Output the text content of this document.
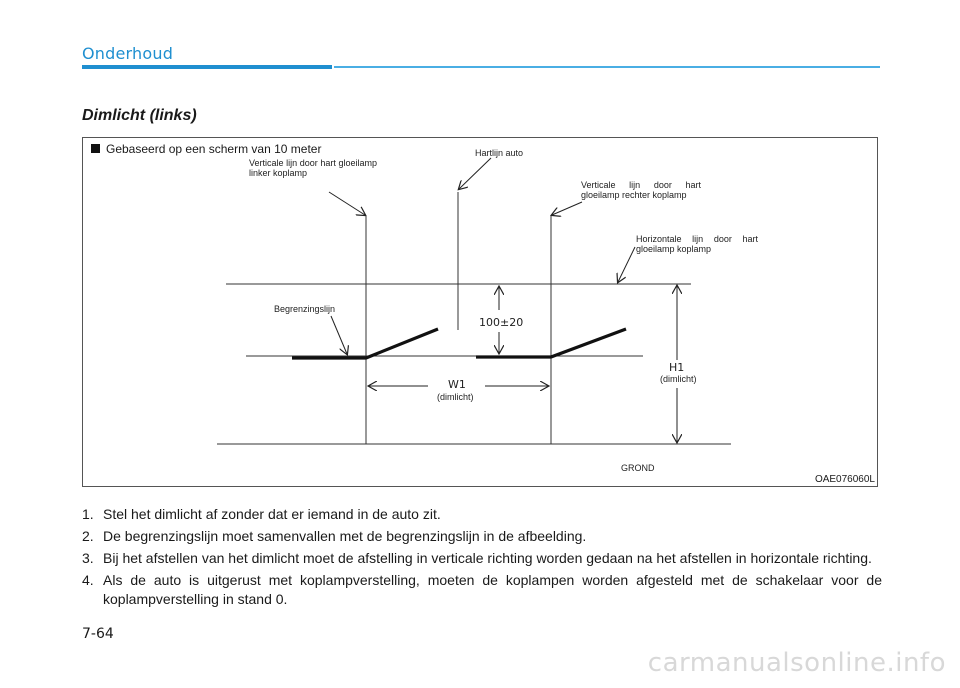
Onderhoud
Dimlicht (links)
Gebaseerd op een scherm van 10 meter
Verticale lijn door hart gloeilamp linker koplamp
Hartlijn auto
Verticale lijn door hart gloeilamp rechter koplamp
Horizontale lijn door hart gloeilamp koplamp
Begrenzingslijn
100±20
W1
(dimlicht)
H1
(dimlicht)
GROND
OAE076060L
1. Stel het dimlicht af zonder dat er iemand in de auto zit.
2. De begrenzingslijn moet samenvallen met de begrenzingslijn in de afbeelding.
3. Bij het afstellen van het dimlicht moet de afstelling in verticale richting worden gedaan na het afstellen in horizontale richting.
4. Als de auto is uitgerust met koplampverstelling, moeten de koplampen worden afgesteld met de schakelaar voor de koplampverstelling in stand 0.
7-64
carmanualsonline.info
